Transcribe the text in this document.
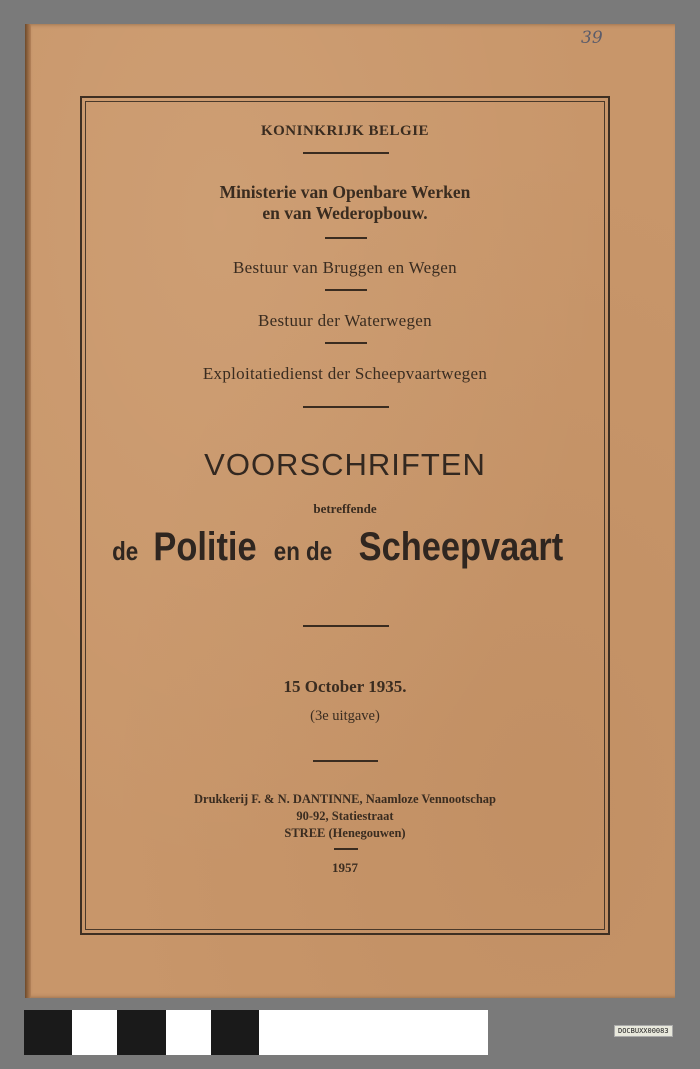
39
KONINKRIJK BELGIE
Ministerie van Openbare Werken
en van Wederopbouw.
Bestuur van Bruggen en Wegen
Bestuur der Waterwegen
Exploitatiedienst der Scheepvaartwegen
VOORSCHRIFTEN
betreffende
de Politie en de Scheepvaart
15 October 1935.
(3e uitgave)
Drukkerij F. & N. DANTINNE, Naamloze Vennootschap
90-92, Statiestraat
STREE (Henegouwen)
1957
DOCBUXX00083
